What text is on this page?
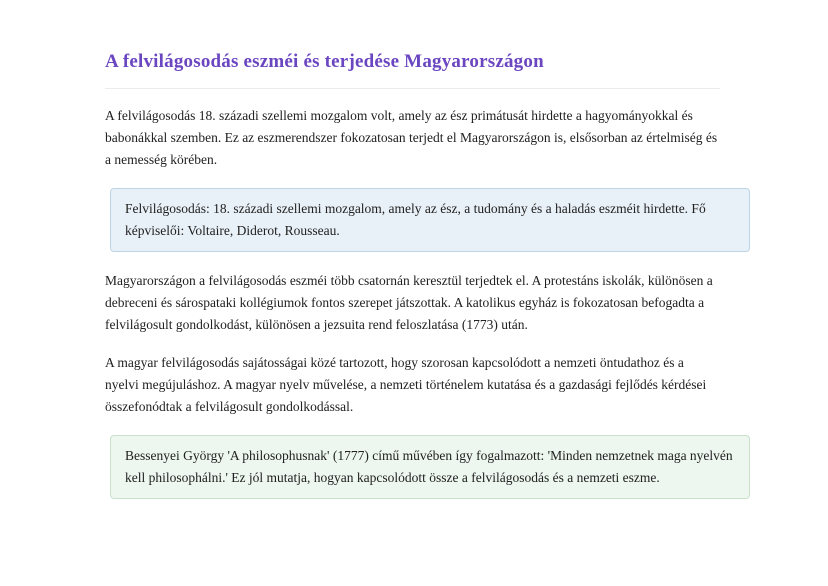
A felvilágosodás eszméi és terjedése Magyarországon

A felvilágosodás 18. századi szellemi mozgalom volt, amely az ész primátusát hirdette a hagyományokkal és babonákkal szemben. Ez az eszmerendszer fokozatosan terjedt el Magyarországon is, elsősorban az értelmiség és a nemesség körében.

Felvilágosodás: 18. századi szellemi mozgalom, amely az ész, a tudomány és a haladás eszméit hirdette. Fő képviselői: Voltaire, Diderot, Rousseau.

Magyarországon a felvilágosodás eszméi több csatornán keresztül terjedtek el. A protestáns iskolák, különösen a debreceni és sárospataki kollégiumok fontos szerepet játszottak. A katolikus egyház is fokozatosan befogadta a felvilágosult gondolkodást, különösen a jezsuita rend feloszlatása (1773) után.

A magyar felvilágosodás sajátosságai közé tartozott, hogy szorosan kapcsolódott a nemzeti öntudathoz és a nyelvi megújuláshoz. A magyar nyelv művelése, a nemzeti történelem kutatása és a gazdasági fejlődés kérdései összefonódtak a felvilágosult gondolkodással.

Bessenyei György 'A philosophusnak' (1777) című művében így fogalmazott: 'Minden nemzetnek maga nyelvén kell philosophálni.' Ez jól mutatja, hogyan kapcsolódott össze a felvilágosodás és a nemzeti eszme.
